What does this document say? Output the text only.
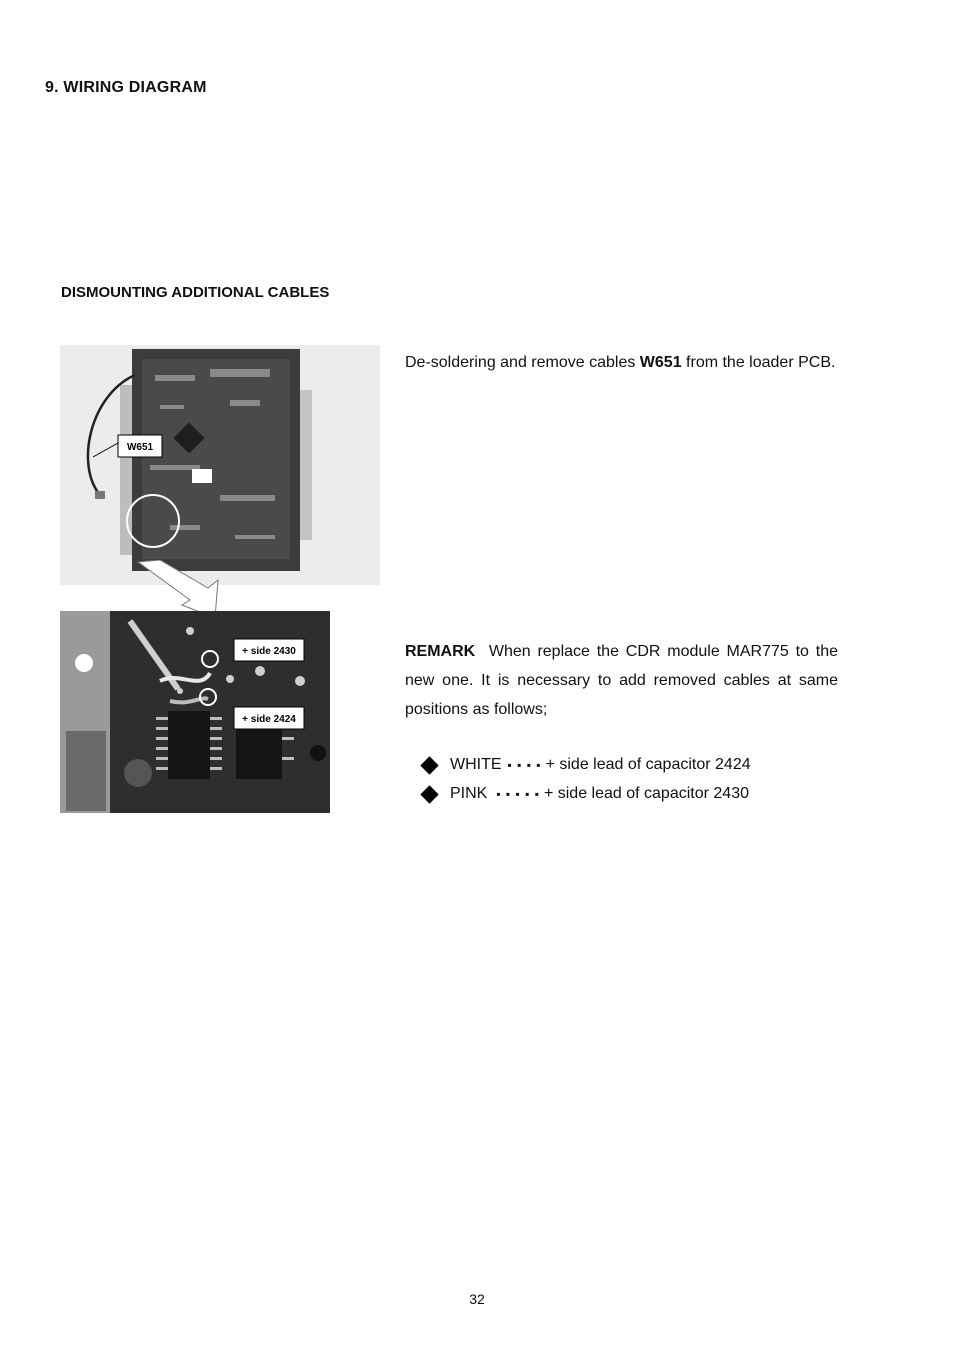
9. WIRING DIAGRAM
DISMOUNTING ADDITIONAL CABLES
W651
+ side 2430
+ side 2424
De-soldering and remove cables W651 from the loader PCB.
REMARK When replace the CDR module MAR775 to the new one. It is necessary to add removed cables at same positions as follows;
WHITE ▪ ▪ ▪ ▪ + side lead of capacitor 2424
PINK ▪ ▪ ▪ ▪ ▪ + side lead of capacitor 2430
32
